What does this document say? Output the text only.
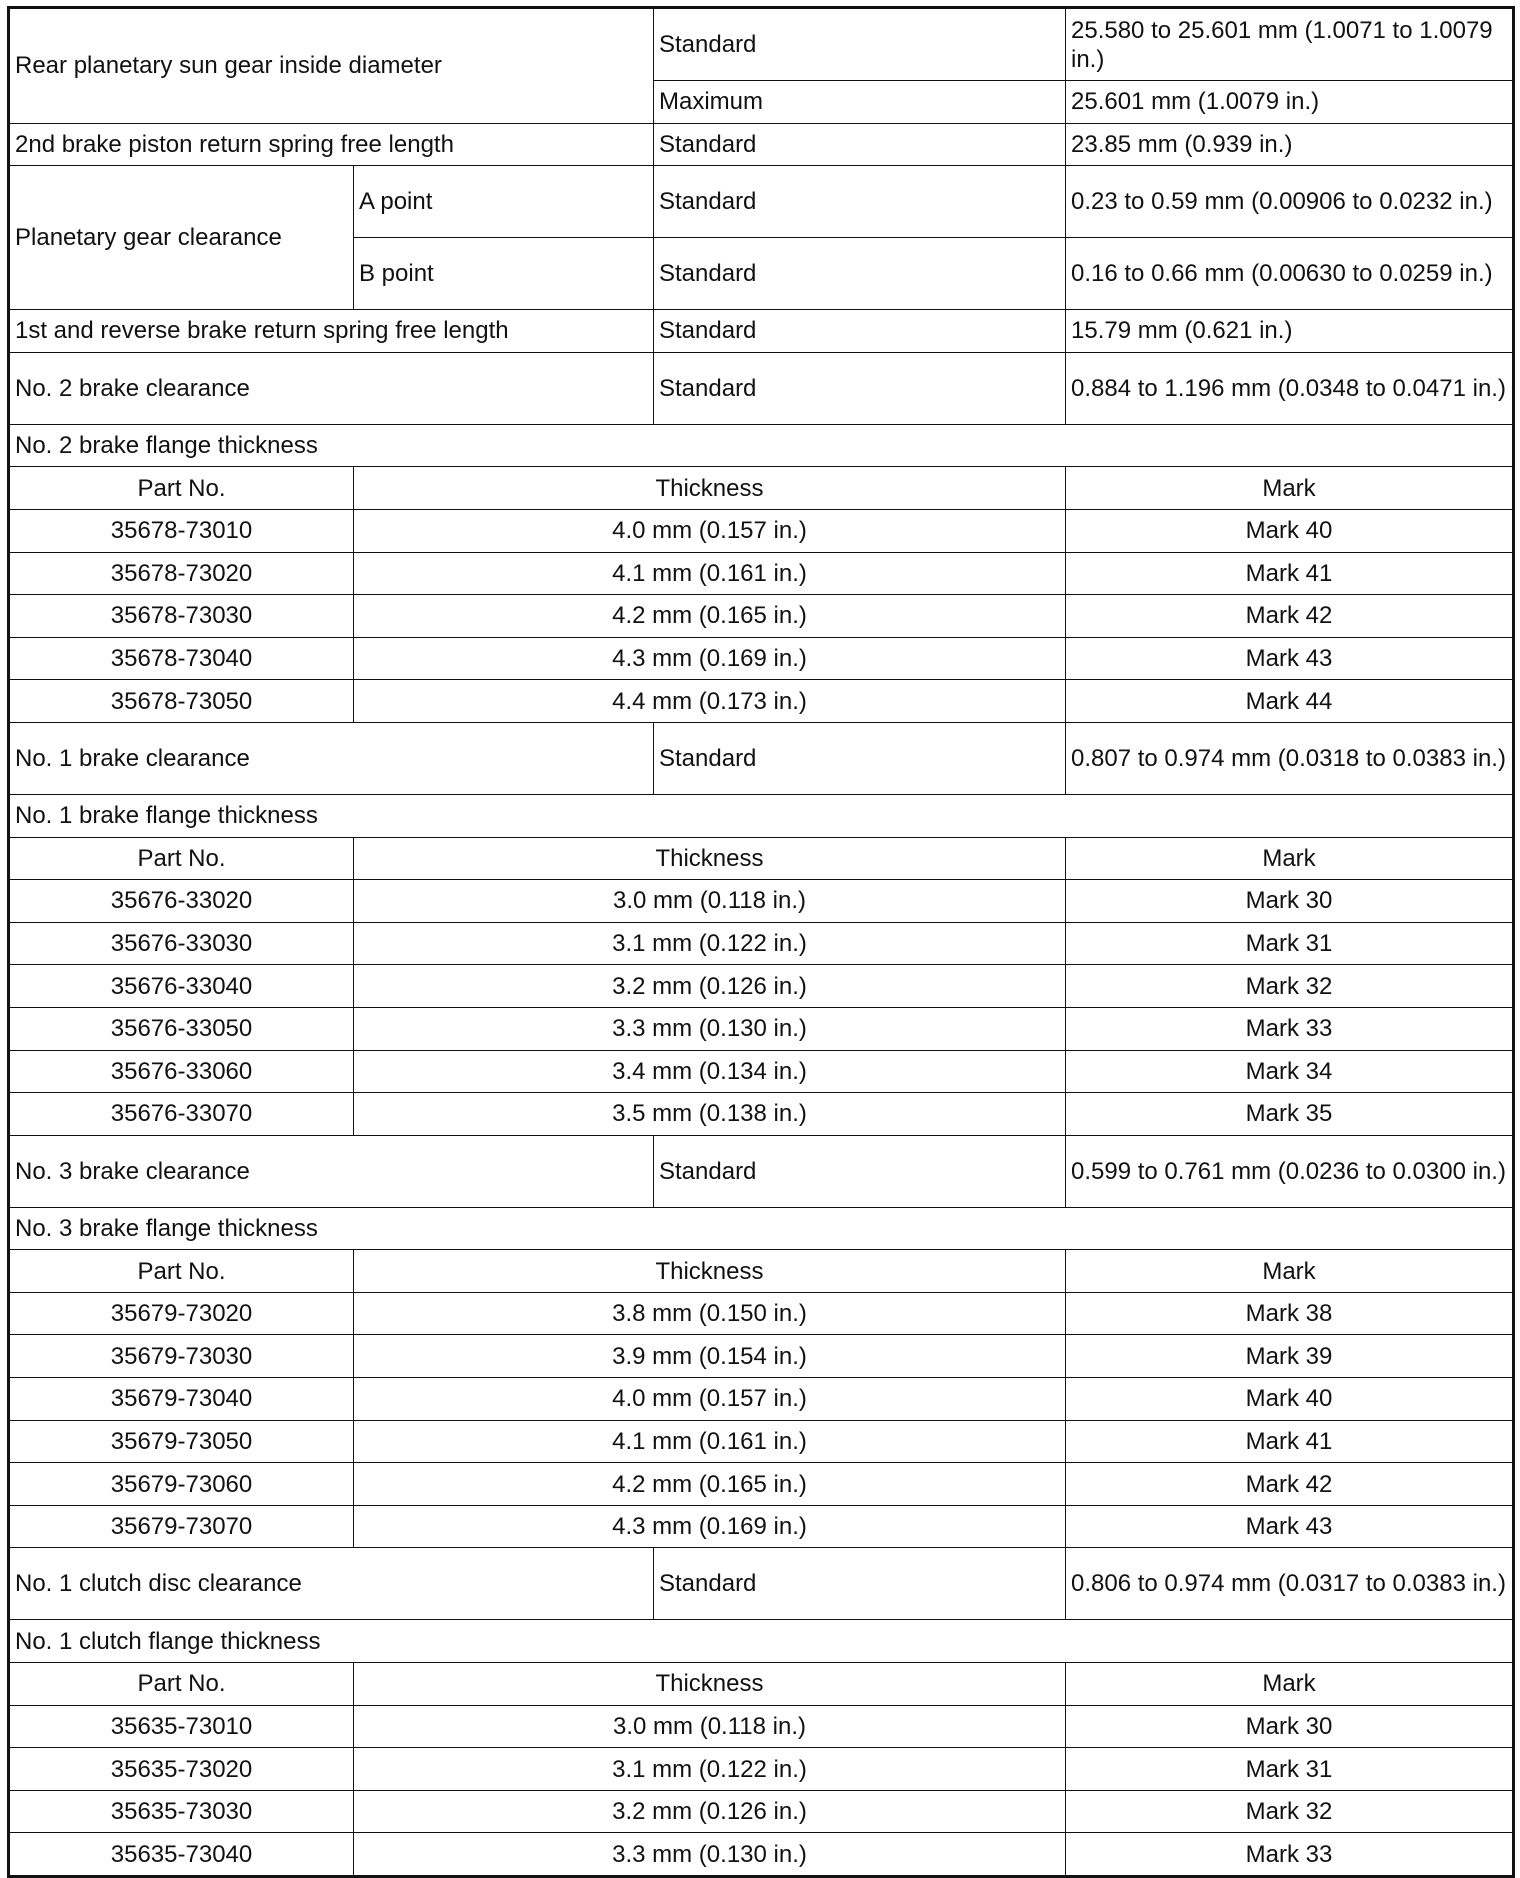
Rear planetary sun gear inside diameter		Standard	25.580 to 25.601 mm (1.0071 to 1.0079 in.)
		Maximum	25.601 mm (1.0079 in.)
2nd brake piston return spring free length		Standard	23.85 mm (0.939 in.)
Planetary gear clearance	A point	Standard	0.23 to 0.59 mm (0.00906 to 0.0232 in.)
	B point	Standard	0.16 to 0.66 mm (0.00630 to 0.0259 in.)
1st and reverse brake return spring free length		Standard	15.79 mm (0.621 in.)
No. 2 brake clearance		Standard	0.884 to 1.196 mm (0.0348 to 0.0471 in.)
No. 2 brake flange thickness			
Part No.	Thickness		Mark
35678-73010	4.0 mm (0.157 in.)		Mark 40
35678-73020	4.1 mm (0.161 in.)		Mark 41
35678-73030	4.2 mm (0.165 in.)		Mark 42
35678-73040	4.3 mm (0.169 in.)		Mark 43
35678-73050	4.4 mm (0.173 in.)		Mark 44
No. 1 brake clearance		Standard	0.807 to 0.974 mm (0.0318 to 0.0383 in.)
No. 1 brake flange thickness			
Part No.	Thickness		Mark
35676-33020	3.0 mm (0.118 in.)		Mark 30
35676-33030	3.1 mm (0.122 in.)		Mark 31
35676-33040	3.2 mm (0.126 in.)		Mark 32
35676-33050	3.3 mm (0.130 in.)		Mark 33
35676-33060	3.4 mm (0.134 in.)		Mark 34
35676-33070	3.5 mm (0.138 in.)		Mark 35
No. 3 brake clearance		Standard	0.599 to 0.761 mm (0.0236 to 0.0300 in.)
No. 3 brake flange thickness			
Part No.	Thickness		Mark
35679-73020	3.8 mm (0.150 in.)		Mark 38
35679-73030	3.9 mm (0.154 in.)		Mark 39
35679-73040	4.0 mm (0.157 in.)		Mark 40
35679-73050	4.1 mm (0.161 in.)		Mark 41
35679-73060	4.2 mm (0.165 in.)		Mark 42
35679-73070	4.3 mm (0.169 in.)		Mark 43
No. 1 clutch disc clearance		Standard	0.806 to 0.974 mm (0.0317 to 0.0383 in.)
No. 1 clutch flange thickness			
Part No.	Thickness		Mark
35635-73010	3.0 mm (0.118 in.)		Mark 30
35635-73020	3.1 mm (0.122 in.)		Mark 31
35635-73030	3.2 mm (0.126 in.)		Mark 32
35635-73040	3.3 mm (0.130 in.)		Mark 33
